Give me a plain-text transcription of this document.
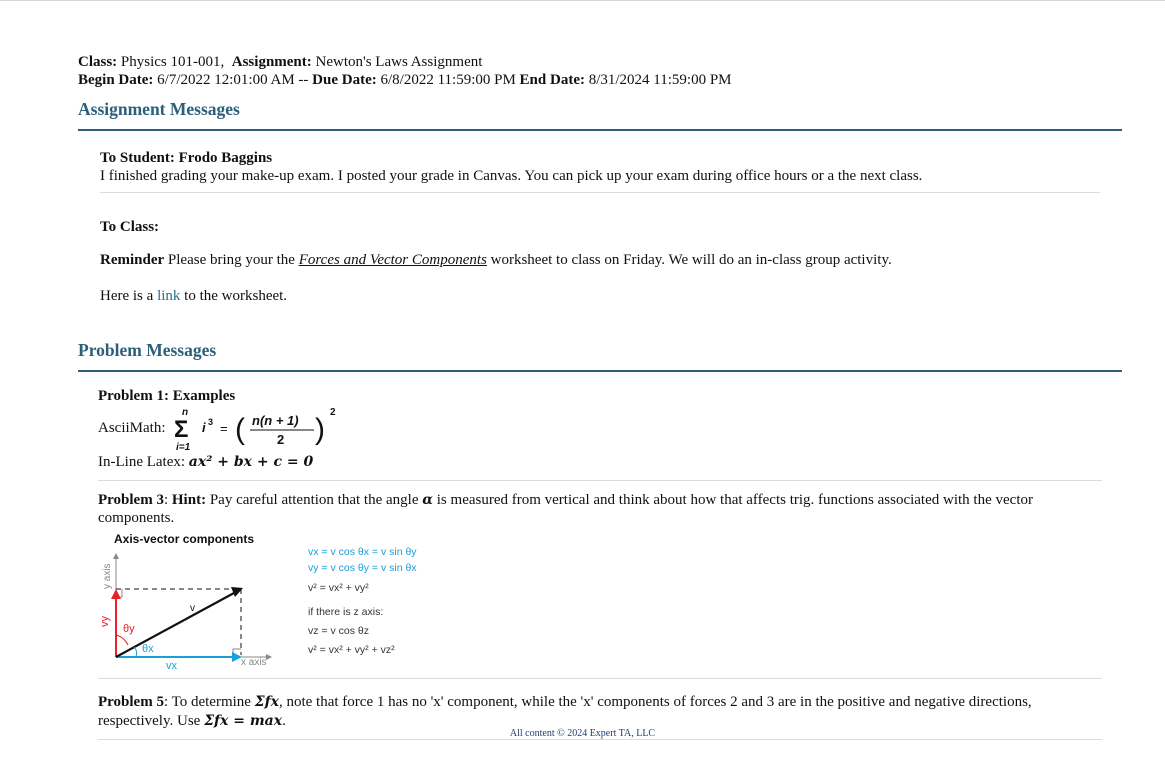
Class: Physics 101-001, Assignment: Newton's Laws Assignment
Begin Date: 6/7/2022 12:01:00 AM -- Due Date: 6/8/2022 11:59:00 PM End Date: 8/31/2024 11:59:00 PM
Assignment Messages

To Student: Frodo Baggins

I finished grading your make-up exam. I posted your grade in Canvas. You can pick up your exam during office hours or a the next class.

To Class:

Reminder Please bring your the Forces and Vector Components worksheet to class on Friday. We will do an in-class group activity.

Here is a link to the worksheet.

Problem Messages
Problem 1: Examples
AsciiMath:
n
Σ
i=1
i 3 = ( n(n + 1)
2 )
2
In-Line Latex: ax² + bx + c = 0

Problem 3: Hint: Pay careful attention that the angle α is measured from vertical and think about how that affects trig. functions associated with the vector components.

Axis-vector components
y axis
x axis
vy
vx
v
θy
θx
vx = v cos θx = v sin θy
vy = v cos θy = v sin θx
v² = vx² + vy²
if there is z axis:
vz = v cos θz
v² = vx² + vy² + vz²

Problem 5: To determine Σfx, note that force 1 has no 'x' component, while the 'x' components of forces 2 and 3 are in the positive and negative directions, respectively. Use Σfx = max.

All content © 2024 Expert TA, LLC
